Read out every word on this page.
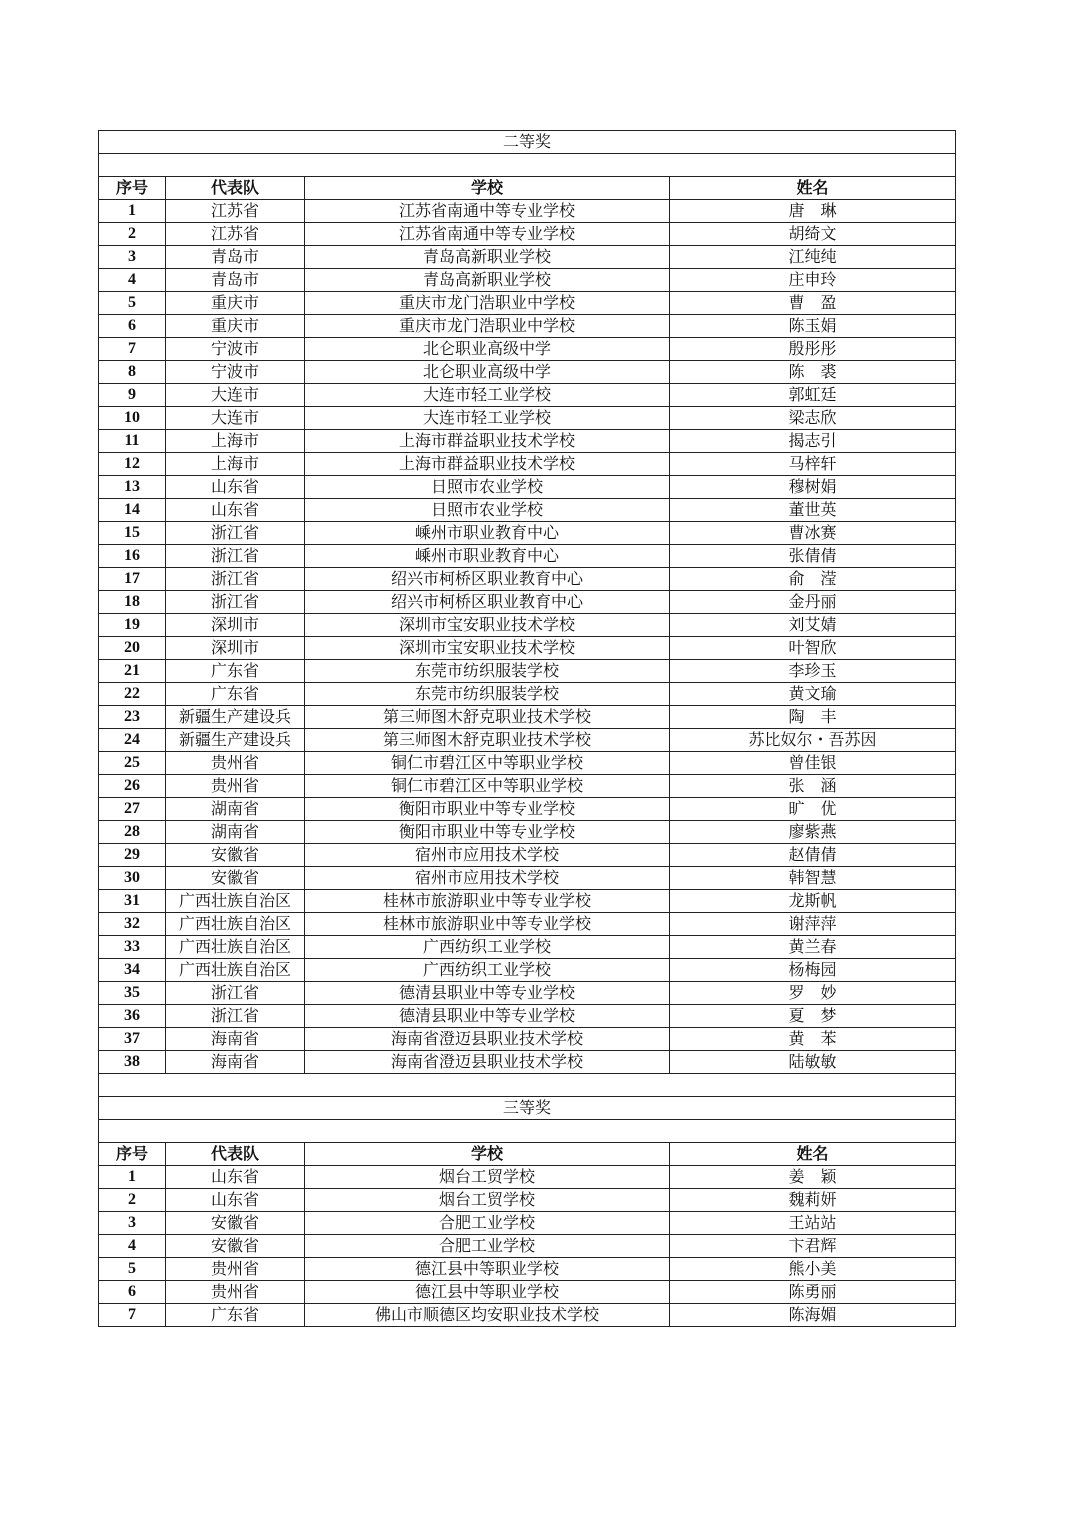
二等奖			

序号	代表队	学校	姓名
1	江苏省	江苏省南通中等专业学校	唐　琳
2	江苏省	江苏省南通中等专业学校	胡绮文
3	青岛市	青岛高新职业学校	江纯纯
4	青岛市	青岛高新职业学校	庄申玲
5	重庆市	重庆市龙门浩职业中学校	曹　盈
6	重庆市	重庆市龙门浩职业中学校	陈玉娟
7	宁波市	北仑职业高级中学	殷彤彤
8	宁波市	北仑职业高级中学	陈　裘
9	大连市	大连市轻工业学校	郭虹廷
10	大连市	大连市轻工业学校	梁志欣
11	上海市	上海市群益职业技术学校	揭志引
12	上海市	上海市群益职业技术学校	马梓轩
13	山东省	日照市农业学校	穆树娟
14	山东省	日照市农业学校	董世英
15	浙江省	嵊州市职业教育中心	曹冰赛
16	浙江省	嵊州市职业教育中心	张倩倩
17	浙江省	绍兴市柯桥区职业教育中心	俞　滢
18	浙江省	绍兴市柯桥区职业教育中心	金丹丽
19	深圳市	深圳市宝安职业技术学校	刘艾婧
20	深圳市	深圳市宝安职业技术学校	叶智欣
21	广东省	东莞市纺织服装学校	李珍玉
22	广东省	东莞市纺织服装学校	黄文瑜
23	新疆生产建设兵	第三师图木舒克职业技术学校	陶　丰
24	新疆生产建设兵	第三师图木舒克职业技术学校	苏比奴尔・吾苏因
25	贵州省	铜仁市碧江区中等职业学校	曾佳银
26	贵州省	铜仁市碧江区中等职业学校	张　涵
27	湖南省	衡阳市职业中等专业学校	旷　优
28	湖南省	衡阳市职业中等专业学校	廖紫燕
29	安徽省	宿州市应用技术学校	赵倩倩
30	安徽省	宿州市应用技术学校	韩智慧
31	广西壮族自治区	桂林市旅游职业中等专业学校	龙斯帆
32	广西壮族自治区	桂林市旅游职业中等专业学校	谢萍萍
33	广西壮族自治区	广西纺织工业学校	黄兰春
34	广西壮族自治区	广西纺织工业学校	杨梅园
35	浙江省	德清县职业中等专业学校	罗　妙
36	浙江省	德清县职业中等专业学校	夏　梦
37	海南省	海南省澄迈县职业技术学校	黄　苯
38	海南省	海南省澄迈县职业技术学校	陆敏敏

三等奖			

序号	代表队	学校	姓名
1	山东省	烟台工贸学校	姜　颖
2	山东省	烟台工贸学校	魏莉妍
3	安徽省	合肥工业学校	王站站
4	安徽省	合肥工业学校	卞君辉
5	贵州省	德江县中等职业学校	熊小美
6	贵州省	德江县中等职业学校	陈勇丽
7	广东省	佛山市顺德区均安职业技术学校	陈海媚
